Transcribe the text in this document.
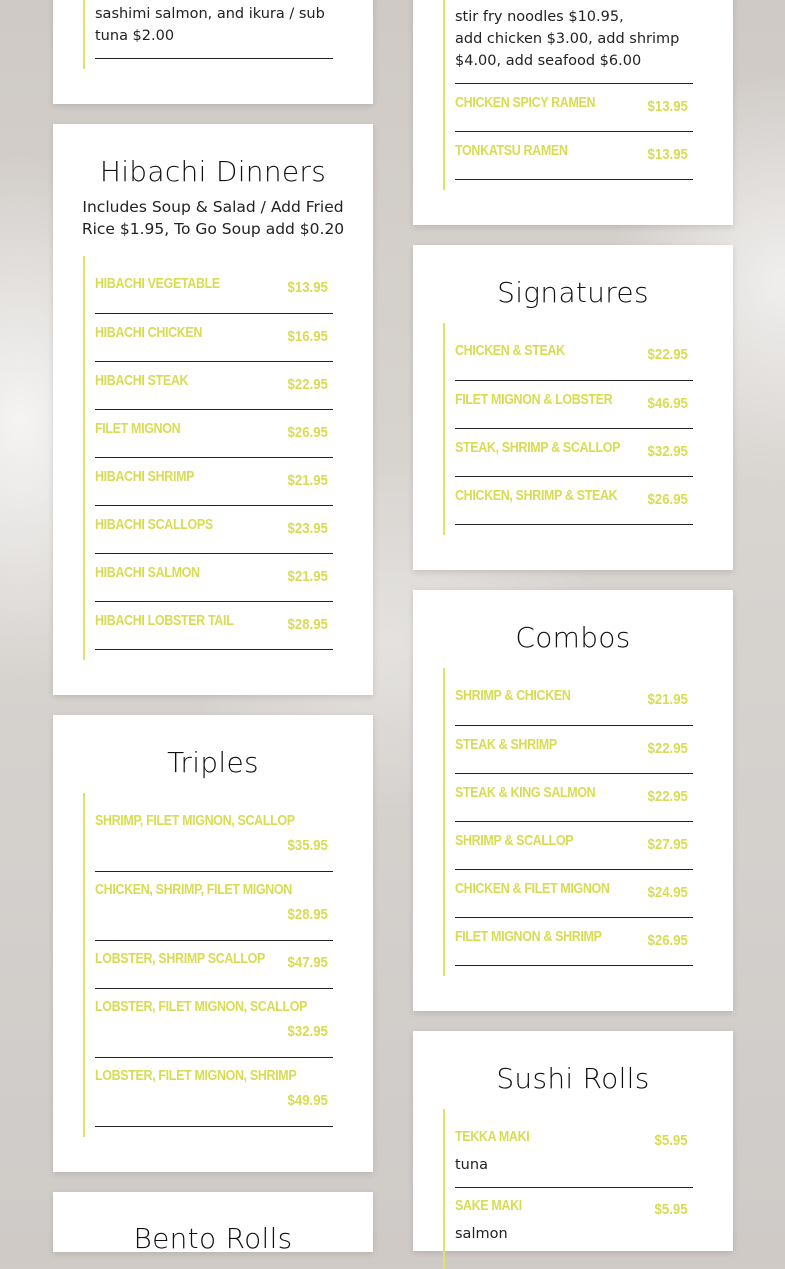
sashimi salmon, and ikura / sub
tuna $2.00
Hibachi Dinners
Includes Soup & Salad / Add Fried
Rice $1.95, To Go Soup add $0.20
HIBACHI VEGETABLE	$13.95
HIBACHI CHICKEN	$16.95
HIBACHI STEAK	$22.95
FILET MIGNON	$26.95
HIBACHI SHRIMP	$21.95
HIBACHI SCALLOPS	$23.95
HIBACHI SALMON	$21.95
HIBACHI LOBSTER TAIL	$28.95
Triples
SHRIMP, FILET MIGNON, SCALLOP
$35.95
CHICKEN, SHRIMP, FILET MIGNON
$28.95
LOBSTER, SHRIMP SCALLOP $47.95
LOBSTER, FILET MIGNON, SCALLOP
$32.95
LOBSTER, FILET MIGNON, SHRIMP
$49.95
Bento Rolls
stir fry noodles $10.95,
add chicken $3.00, add shrimp
$4.00, add seafood $6.00
CHICKEN SPICY RAMEN	$13.95
TONKATSU RAMEN	$13.95
Signatures
CHICKEN & STEAK	$22.95
FILET MIGNON & LOBSTER $46.95
STEAK, SHRIMP & SCALLOP $32.95
CHICKEN, SHRIMP & STEAK $26.95
Combos
SHRIMP & CHICKEN	$21.95
STEAK & SHRIMP	$22.95
STEAK & KING SALMON	$22.95
SHRIMP & SCALLOP	$27.95
CHICKEN & FILET MIGNON	$24.95
FILET MIGNON & SHRIMP	$26.95
Sushi Rolls
TEKKA MAKI	$5.95
tuna
SAKE MAKI	$5.95
salmon
